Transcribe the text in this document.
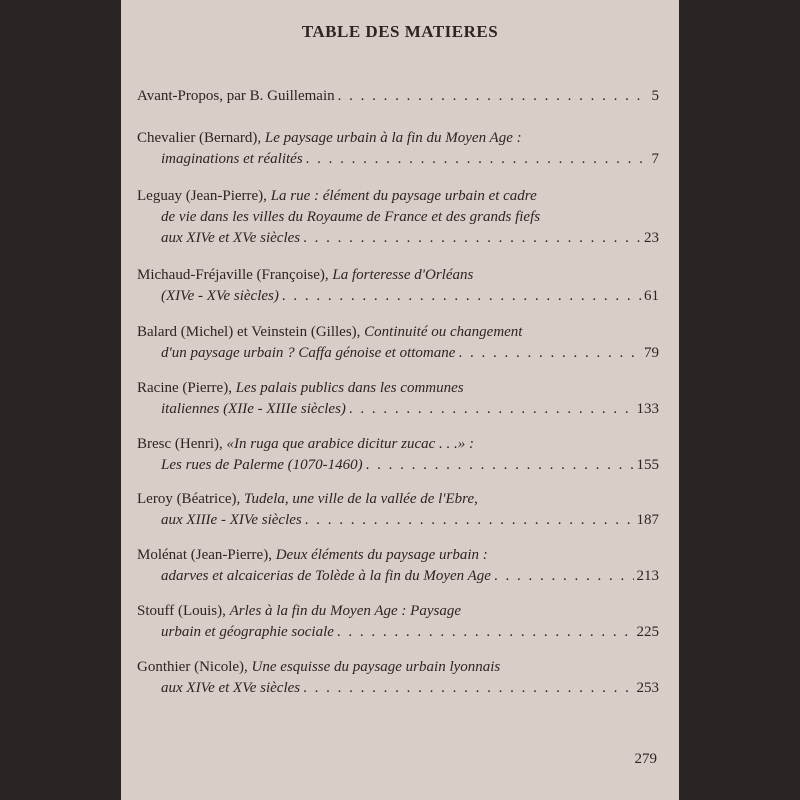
TABLE DES MATIERES
Avant-Propos, par B. Guillemain . . .	5
Chevalier (Bernard), Le paysage urbain à la fin du Moyen Age :
imaginations et réalités . . .	7
Leguay (Jean-Pierre), La rue : élément du paysage urbain et cadre
de vie dans les villes du Royaume de France et des grands fiefs
aux XIVe et XVe siècles . . .	23
Michaud-Fréjaville (Françoise), La forteresse d'Orléans
(XIVe - XVe siècles) . . .	61
Balard (Michel) et Veinstein (Gilles), Continuité ou changement
d'un paysage urbain ? Caffa génoise et ottomane . . .	79
Racine (Pierre), Les palais publics dans les communes
italiennes (XIIe - XIIIe siècles) . . .	133
Bresc (Henri), «In ruga que arabice dicitur zucac . . .» :
Les rues de Palerme (1070-1460) . . .	155
Leroy (Béatrice), Tudela, une ville de la vallée de l'Ebre,
aux XIIIe - XIVe siècles . . .	187
Molénat (Jean-Pierre), Deux éléments du paysage urbain :
adarves et alcaicerias de Tolède à la fin du Moyen Age . . .	213
Stouff (Louis), Arles à la fin du Moyen Age : Paysage
urbain et géographie sociale . . .	225
Gonthier (Nicole), Une esquisse du paysage urbain lyonnais
aux XIVe et XVe siècles . . .	253
279
